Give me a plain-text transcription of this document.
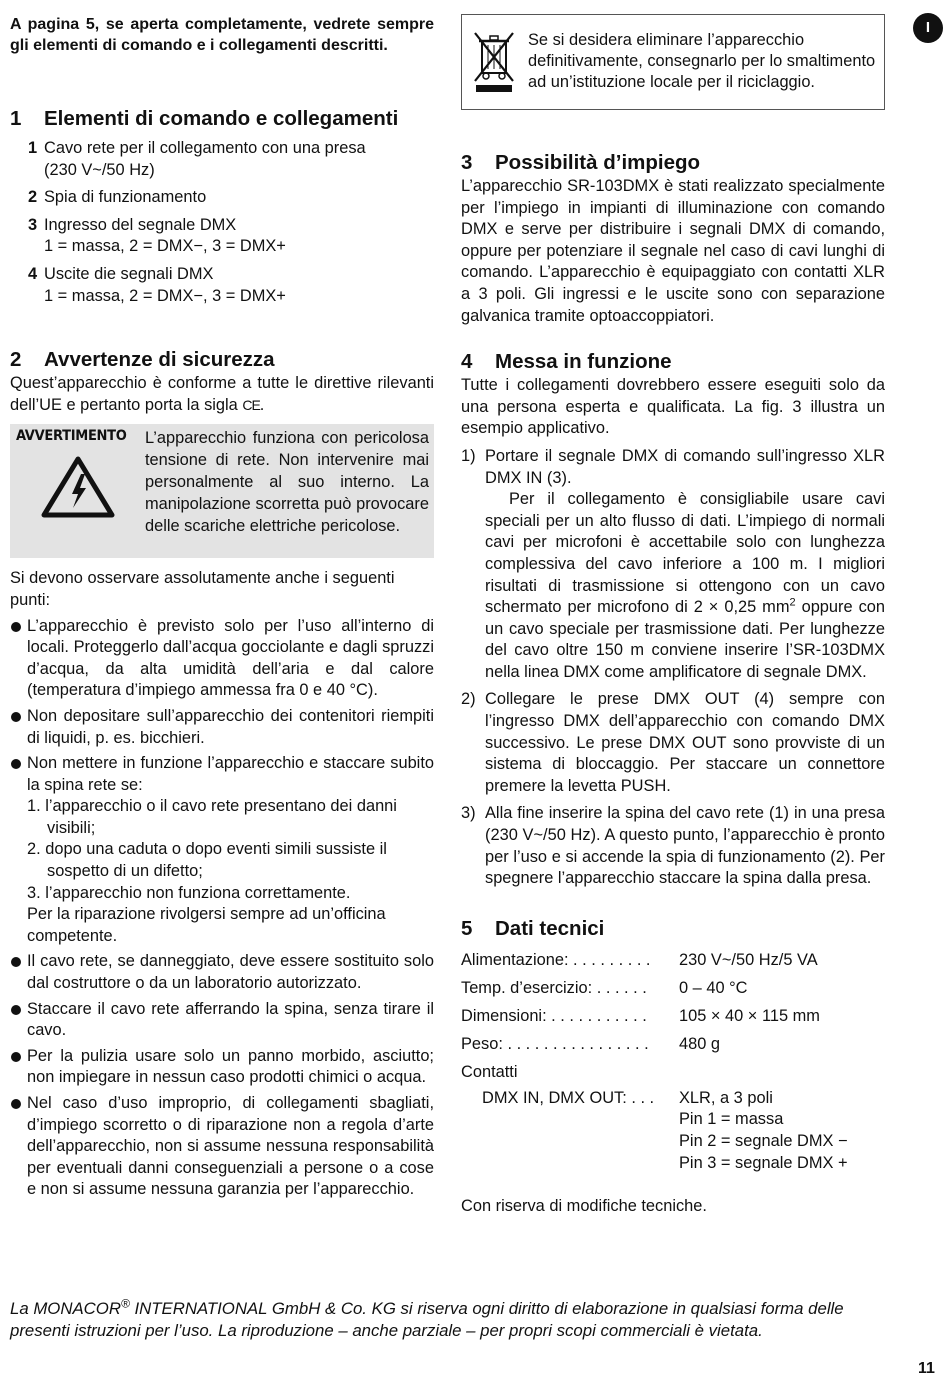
I

A pagina 5, se aperta completamente, vedrete sempre gli elementi di comando e i collegamenti descritti.

1 Elementi di comando e collegamenti
1 Cavo rete per il collegamento con una presa
(230 V~/50 Hz)
2 Spia di funzionamento
3 Ingresso del segnale DMX
1 = massa, 2 = DMX−, 3 = DMX+
4 Uscite die segnali DMX
1 = massa, 2 = DMX−, 3 = DMX+
2 Avvertenze di sicurezza

Quest’apparecchio è conforme a tutte le direttive rilevanti dell’UE e pertanto porta la sigla CE.

AVVERTIMENTO L’apparecchio funziona con pericolosa tensione di rete. Non intervenire mai personalmente al suo interno. La manipolazione scorretta può provocare delle scariche elettriche pericolose.

Si devono osservare assolutamente anche i seguenti punti:

L’apparecchio è previsto solo per l’uso all’interno di locali. Proteggerlo dall’acqua gocciolante e dagli spruzzi d’acqua, da alta umidità dell’aria e dal calore (temperatura d’impiego ammessa fra 0 e 40 °C).
Non depositare sull’apparecchio dei contenitori riempiti di liquidi, p. es. bicchieri.
Non mettere in funzione l’apparecchio e staccare subito la spina rete se:
1. l’apparecchio o il cavo rete presentano dei danni visibili;
2. dopo una caduta o dopo eventi simili sussiste il sospetto di un difetto;
3. l’apparecchio non funziona correttamente.
Per la riparazione rivolgersi sempre ad un’officina competente.
Il cavo rete, se danneggiato, deve essere sostituito solo dal costruttore o da un laboratorio autorizzato.
Staccare il cavo rete afferrando la spina, senza tirare il cavo.
Per la pulizia usare solo un panno morbido, asciutto; non impiegare in nessun caso prodotti chimici o acqua.
Nel caso d’uso improprio, di collegamenti sbagliati, d’impiego scorretto o di riparazione non a regola d’arte dell’apparecchio, non si assume nessuna responsabilità per eventuali danni conseguenziali a persone o a cose e non si assume nessuna garanzia per l’apparecchio.
Se si desidera eliminare l’apparecchio definitivamente, consegnarlo per lo smaltimento ad un’istituzione locale per il riciclaggio.
3 Possibilità d’impiego

L’apparecchio SR-103DMX è stati realizzato specialmente per l’impiego in impianti di illuminazione con comando DMX e serve per distribuire i segnali DMX di comando, oppure per potenziare il segnale nel caso di cavi lunghi di comando. L’apparecchio è equipaggiato con contatti XLR a 3 poli. Gli ingressi e le uscite sono con separazione galvanica tramite optoaccoppiatori.

4 Messa in funzione

Tutte i collegamenti dovrebbero essere eseguiti solo da una persona esperta e qualificata. La fig. 3 illustra un esempio applicativo.

1) Portare il segnale DMX di comando sull’ingresso XLR DMX IN (3).
Per il collegamento è consigliabile usare cavi speciali per un alto flusso di dati. L’impiego di normali cavi per microfoni è accettabile solo con lunghezza complessiva del cavo inferiore a 100 m. I migliori risultati di trasmissione si ottengono con un cavo schermato per microfono di 2 × 0,25 $mm^2$ oppure con un cavo speciale per trasmissione dati. Per lunghezze del cavo oltre 150 m conviene inserire l’SR-103DMX nella linea DMX come amplificatore di segnale DMX.
2) Collegare le prese DMX OUT (4) sempre con l’ingresso DMX dell’apparecchio con comando DMX successivo. Le prese DMX OUT sono provviste di un sistema di bloccaggio. Per staccare un connettore premere la levetta PUSH.
3) Alla fine inserire la spina del cavo rete (1) in una presa (230 V~/50 Hz). A questo punto, l’apparecchio è pronto per l’uso e si accende la spia di funzionamento (2). Per spegnere l’apparecchio staccare la spina dalla presa.
5 Dati tecnici
Alimentazione: . . . . . . . . .	230 V~/50 Hz/5 VA
Temp. d’esercizio: . . . . . .	0 – 40 °C
Dimensioni: . . . . . . . . . . .	105 × 40 × 115 mm
Peso: . . . . . . . . . . . . . . . .	480 g
Contatti
DMX IN, DMX OUT: . . .	XLR, a 3 poli
Pin 1 = massa
Pin 2 = segnale DMX −
Pin 3 = segnale DMX +
Con riserva di modifiche tecniche.
La MONACOR® INTERNATIONAL GmbH & Co. KG si riserva ogni diritto di elaborazione in qualsiasi forma delle presenti istruzioni per l’uso. La riproduzione – anche parziale – per propri scopi commerciali è vietata.
11
